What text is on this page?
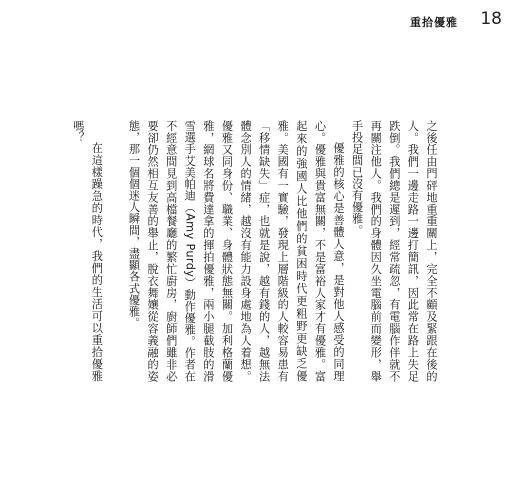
重拾優雅 18

之後任由門砰地重重關上，完全不顧及緊跟在後的人。我們一邊走路一邊打簡訊，因此常在路上失足跌倒。我們總是遲到，經常疏忽，有電腦作伴就不再關注他人。我們的身體因久坐電腦前而變形，舉手投足間已沒有優雅。

優雅的核心是善體人意，是對他人感受的同理心。優雅與貴富無關，不是富裕人家才有優雅。富起來的強國人比他們的貧困時代更粗野更缺乏優雅。美國有一實驗，發現上層階級的人較容易患有「移情缺失」症，也就是說，越有錢的人，越無法體念別人的情緒，越沒有能力設身處地為人着想。優雅又同身份、職業、身體狀態無關。加利格蘭優雅，網球名將費達拿的揮拍優雅，兩小腿截肢的滑雪選手艾美帕迪（Amy Purdy）動作優雅。作者在不經意間見到高檔餐廳的繁忙廚房，廚師們雖非必要卻仍然相互友善的舉止，脫衣舞孃從容義融的姿態，那一個個迷人瞬間，盡顯各式優雅。

在這樣躁急的時代，我們的生活可以重拾優雅嗎？
